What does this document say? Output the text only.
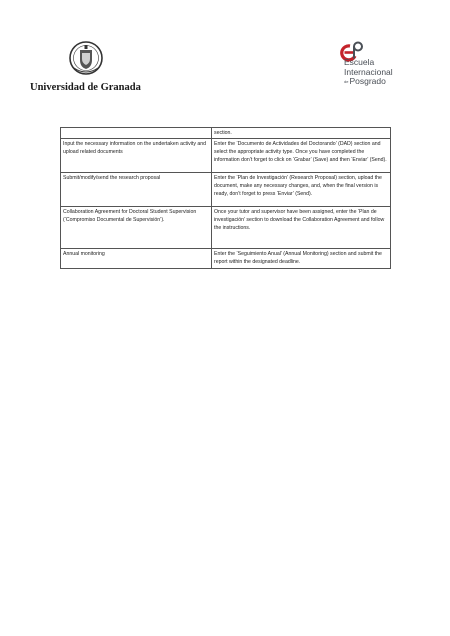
Universidad de Granada
Escuela
Internacional
dePosgrado
	section.
Input the necessary information on the undertaken activity and upload related documents	Enter the ‘Documento de Actividades del Doctorando’ (DAD) section and select the appropriate activity type. Once you have completed the information don’t forget to click on ‘Grabar’ (Save) and then ‘Enviar’ (Send).
Submit/modify/send the research proposal	Enter the ‘Plan de Investigación’ (Research Proposal) section, upload the document, make any necessary changes, and, when the final version is ready, don’t forget to press ‘Enviar’ (Send).
Collaboration Agreement for Doctoral Student Supervision (‘Compromiso Documental de Supervisión’).	Once your tutor and supervisor have been assigned, enter the ‘Plan de investigación’ section to download the Collaboration Agreement and follow the instructions.
Annual monitoring	Enter the ‘Seguimiento Anual’ (Annual Monitoring) section and submit the report within the designated deadline.
